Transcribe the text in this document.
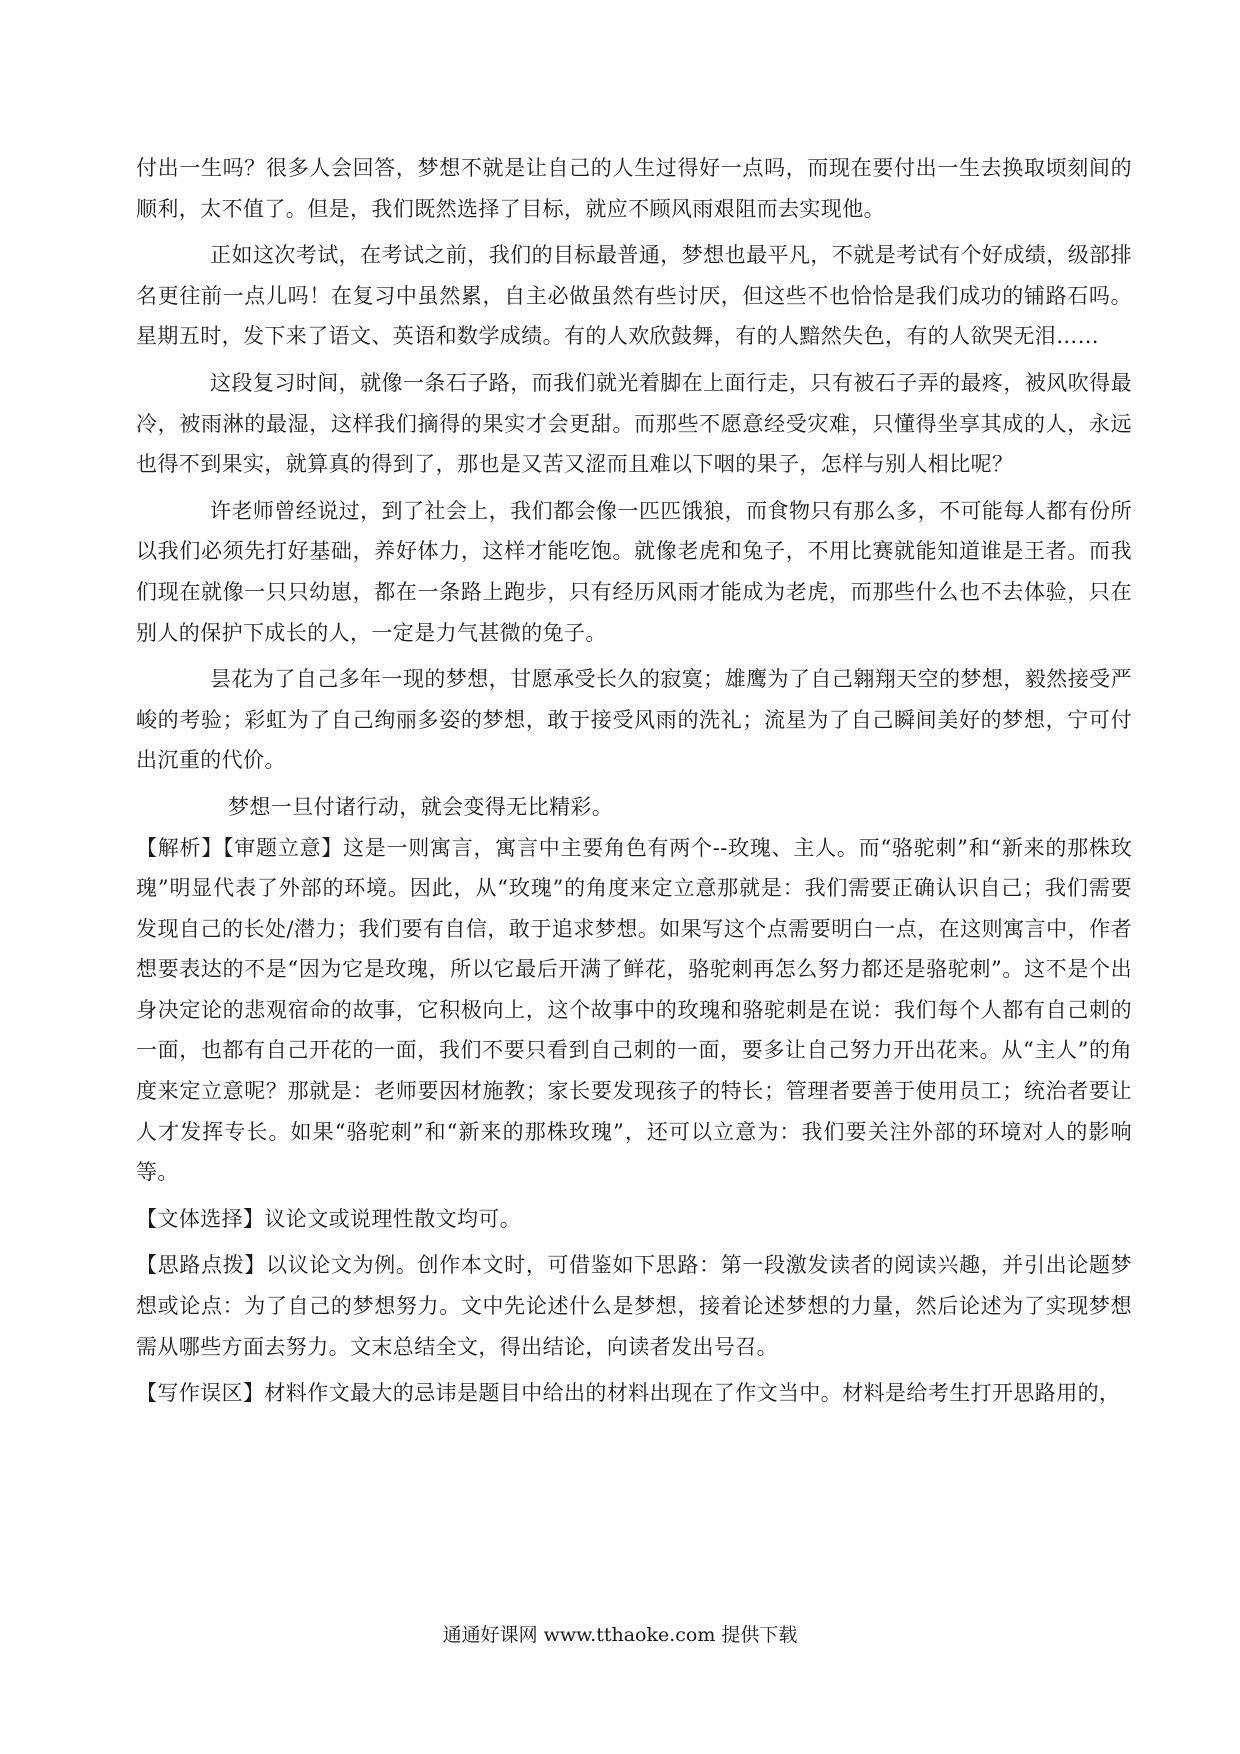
付出一生吗？很多人会回答，梦想不就是让自己的人生过得好一点吗，而现在要付出一生去换取顷刻间的顺利，太不值了。但是，我们既然选择了目标，就应不顾风雨艰阻而去实现他。

正如这次考试，在考试之前，我们的目标最普通，梦想也最平凡，不就是考试有个好成绩，级部排名更往前一点儿吗！在复习中虽然累，自主必做虽然有些讨厌，但这些不也恰恰是我们成功的铺路石吗。星期五时，发下来了语文、英语和数学成绩。有的人欢欣鼓舞，有的人黯然失色，有的人欲哭无泪……

这段复习时间，就像一条石子路，而我们就光着脚在上面行走，只有被石子弄的最疼，被风吹得最冷，被雨淋的最湿，这样我们摘得的果实才会更甜。而那些不愿意经受灾难，只懂得坐享其成的人，永远也得不到果实，就算真的得到了，那也是又苦又涩而且难以下咽的果子，怎样与别人相比呢？

许老师曾经说过，到了社会上，我们都会像一匹匹饿狼，而食物只有那么多，不可能每人都有份所以我们必须先打好基础，养好体力，这样才能吃饱。就像老虎和兔子，不用比赛就能知道谁是王者。而我们现在就像一只只幼崽，都在一条路上跑步，只有经历风雨才能成为老虎，而那些什么也不去体验，只在别人的保护下成长的人，一定是力气甚微的兔子。

昙花为了自己多年一现的梦想，甘愿承受长久的寂寞；雄鹰为了自己翱翔天空的梦想，毅然接受严峻的考验；彩虹为了自己绚丽多姿的梦想，敢于接受风雨的洗礼；流星为了自己瞬间美好的梦想，宁可付出沉重的代价。

梦想一旦付诸行动，就会变得无比精彩。

【解析】【审题立意】这是一则寓言，寓言中主要角色有两个--玫瑰、主人。而“骆驼刺”和“新来的那株玫瑰”明显代表了外部的环境。因此，从“玫瑰”的角度来定立意那就是：我们需要正确认识自己；我们需要发现自己的长处/潜力；我们要有自信，敢于追求梦想。如果写这个点需要明白一点，在这则寓言中，作者想要表达的不是“因为它是玫瑰，所以它最后开满了鲜花，骆驼刺再怎么努力都还是骆驼刺”。这不是个出身决定论的悲观宿命的故事，它积极向上，这个故事中的玫瑰和骆驼刺是在说：我们每个人都有自己刺的一面，也都有自己开花的一面，我们不要只看到自己刺的一面，要多让自己努力开出花来。从“主人”的角度来定立意呢？那就是：老师要因材施教；家长要发现孩子的特长；管理者要善于使用员工；统治者要让人才发挥专长。如果“骆驼刺”和“新来的那株玫瑰”，还可以立意为：我们要关注外部的环境对人的影响等。

【文体选择】议论文或说理性散文均可。

【思路点拨】以议论文为例。创作本文时，可借鉴如下思路：第一段激发读者的阅读兴趣，并引出论题梦想或论点：为了自己的梦想努力。文中先论述什么是梦想，接着论述梦想的力量，然后论述为了实现梦想需从哪些方面去努力。文末总结全文，得出结论，向读者发出号召。

【写作误区】材料作文最大的忌讳是题目中给出的材料出现在了作文当中。材料是给考生打开思路用的，

通通好课网 www.tthaoke.com 提供下载
